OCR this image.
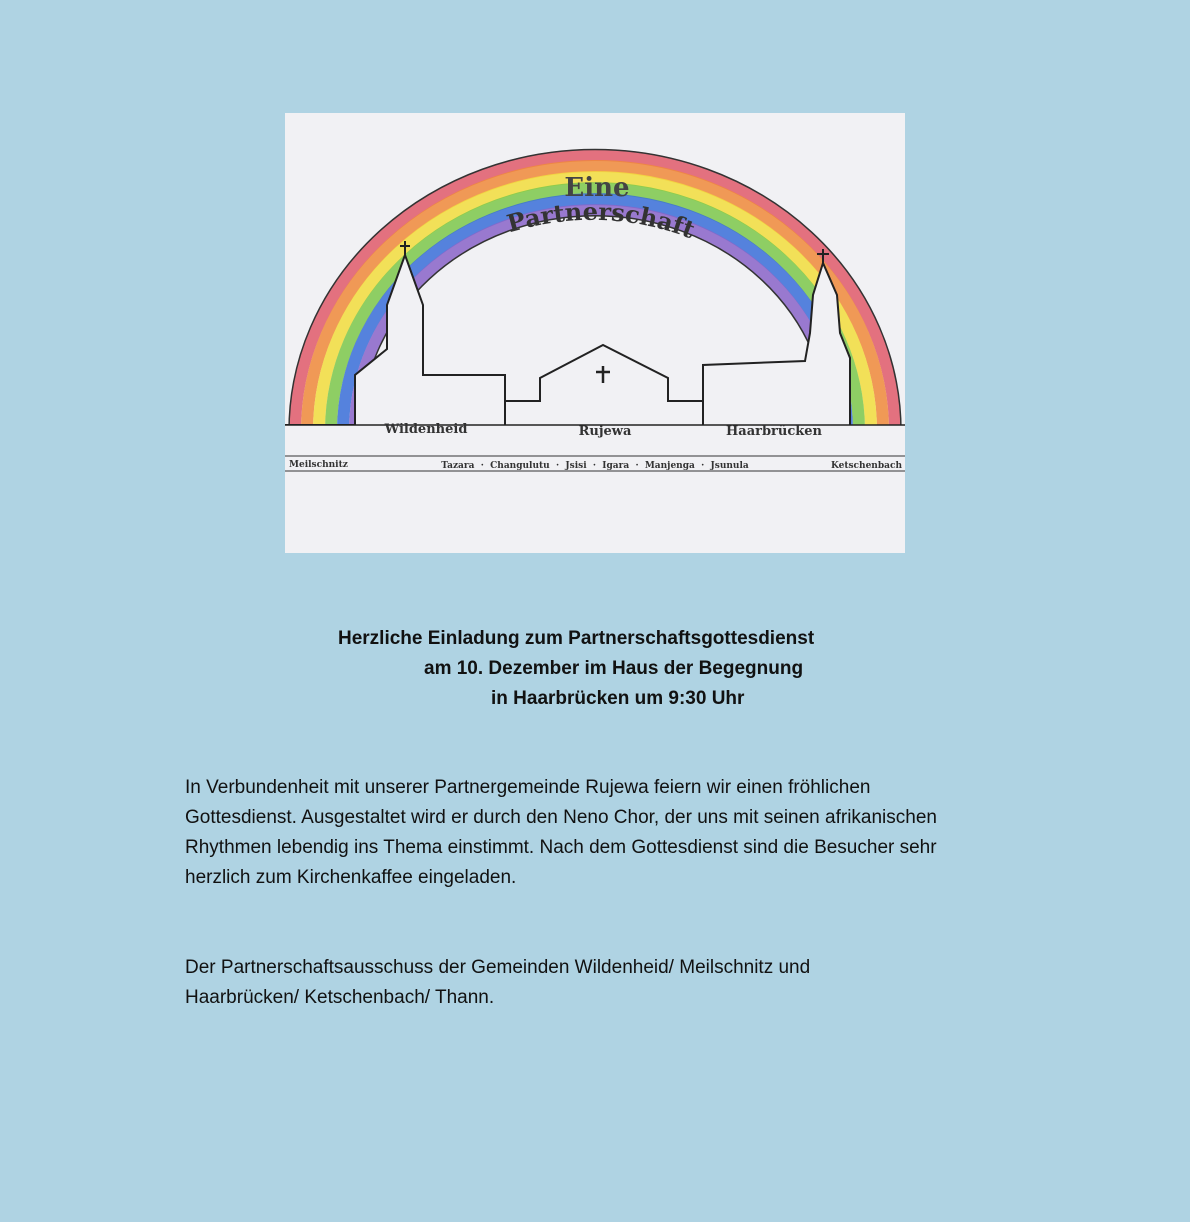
Eine
Partnerschaft
Wildenheid	Rujewa	Haarbrücken
Meilschnitz	Tazara  ·  Changulutu  ·  Jsisi  ·  Igara  ·  Manjenga  ·  Jsunula	Ketschenbach
Herzliche Einladung zum Partnerschaftsgottesdienst
am 10. Dezember im Haus der Begegnung
in Haarbrücken um 9:30 Uhr
In Verbundenheit mit unserer Partnergemeinde Rujewa feiern wir einen fröhlichen
Gottesdienst. Ausgestaltet wird er durch den Neno Chor, der uns mit seinen afrikanischen
Rhythmen lebendig ins Thema einstimmt. Nach dem Gottesdienst sind die Besucher sehr
herzlich zum Kirchenkaffee eingeladen.
Der Partnerschaftsausschuss der Gemeinden Wildenheid/ Meilschnitz und
Haarbrücken/ Ketschenbach/ Thann.
